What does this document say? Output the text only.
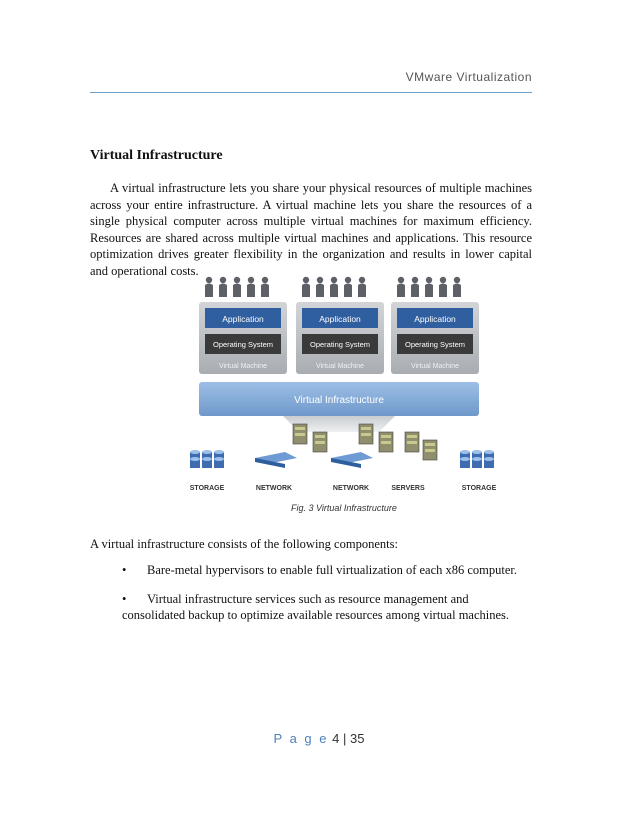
VMware Virtualization
Virtual Infrastructure

A virtual infrastructure lets you share your physical resources of multiple machines across your entire infrastructure. A virtual machine lets you share the resources of a single physical computer across multiple virtual machines for maximum efficiency. Resources are shared across multiple virtual machines and applications. This resource optimization drives greater flexibility in the organization and results in lower capital and operational costs.

Application
Operating System
Virtual Machine
Application
Operating System
Virtual Machine
Application
Operating System
Virtual Machine
Virtual Infrastructure
STORAGE	NETWORK	NETWORK	SERVERS	STORAGE
Fig. 3 Virtual Infrastructure

A virtual infrastructure consists of the following components:

• Bare-metal hypervisors to enable full virtualization of each x86 computer.
• Virtual infrastructure services such as resource management and consolidated backup to optimize available resources among virtual machines.
P a g e 4 | 35
